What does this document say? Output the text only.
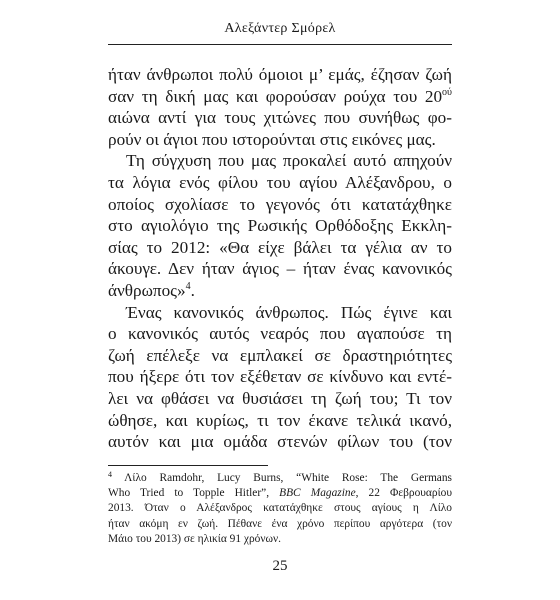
Αλεξάντερ Σμόρελ
ήταν άνθρωποι πολύ όμοιοι μ’ εμάς, έζησαν ζωή
σαν τη δική μας και φορούσαν ρούχα του $20^{oύ}$
αιώνα αντί για τους χιτώνες που συνήθως φο-
ρούν οι άγιοι που ιστορούνται στις εικόνες μας.
Τη σύγχυση που μας προκαλεί αυτό απηχούν
τα λόγια ενός φίλου του αγίου Αλέξανδρου, ο
οποίος σχολίασε το γεγονός ότι κατατάχθηκε
στο αγιολόγιο της Ρωσικής Ορθόδοξης Εκκλη-
σίας το 2012: «Θα είχε βάλει τα γέλια αν το
άκουγε. Δεν ήταν άγιος – ήταν ένας κανονικός
άνθρωπος»$^4$.
Ένας κανονικός άνθρωπος. Πώς έγινε και
ο κανονικός αυτός νεαρός που αγαπούσε τη
ζωή επέλεξε να εμπλακεί σε δραστηριότητες
που ήξερε ότι τον εξέθεταν σε κίνδυνο και εντέ-
λει να φθάσει να θυσιάσει τη ζωή του; Τι τον
ώθησε, και κυρίως, τι τον έκανε τελικά ικανό,
αυτόν και μια ομάδα στενών φίλων του (τον
$^4$ Λίλο Ramdohr, Lucy Burns, “White Rose: The Germans
Who Tried to Topple Hitler”, BBC Magazine, 22 Φεβρουαρίου
2013. Όταν ο Αλέξανδρος κατατάχθηκε στους αγίους η Λίλο
ήταν ακόμη εν ζωή. Πέθανε ένα χρόνο περίπου αργότερα (τον
Μάιο του 2013) σε ηλικία 91 χρόνων.
25
